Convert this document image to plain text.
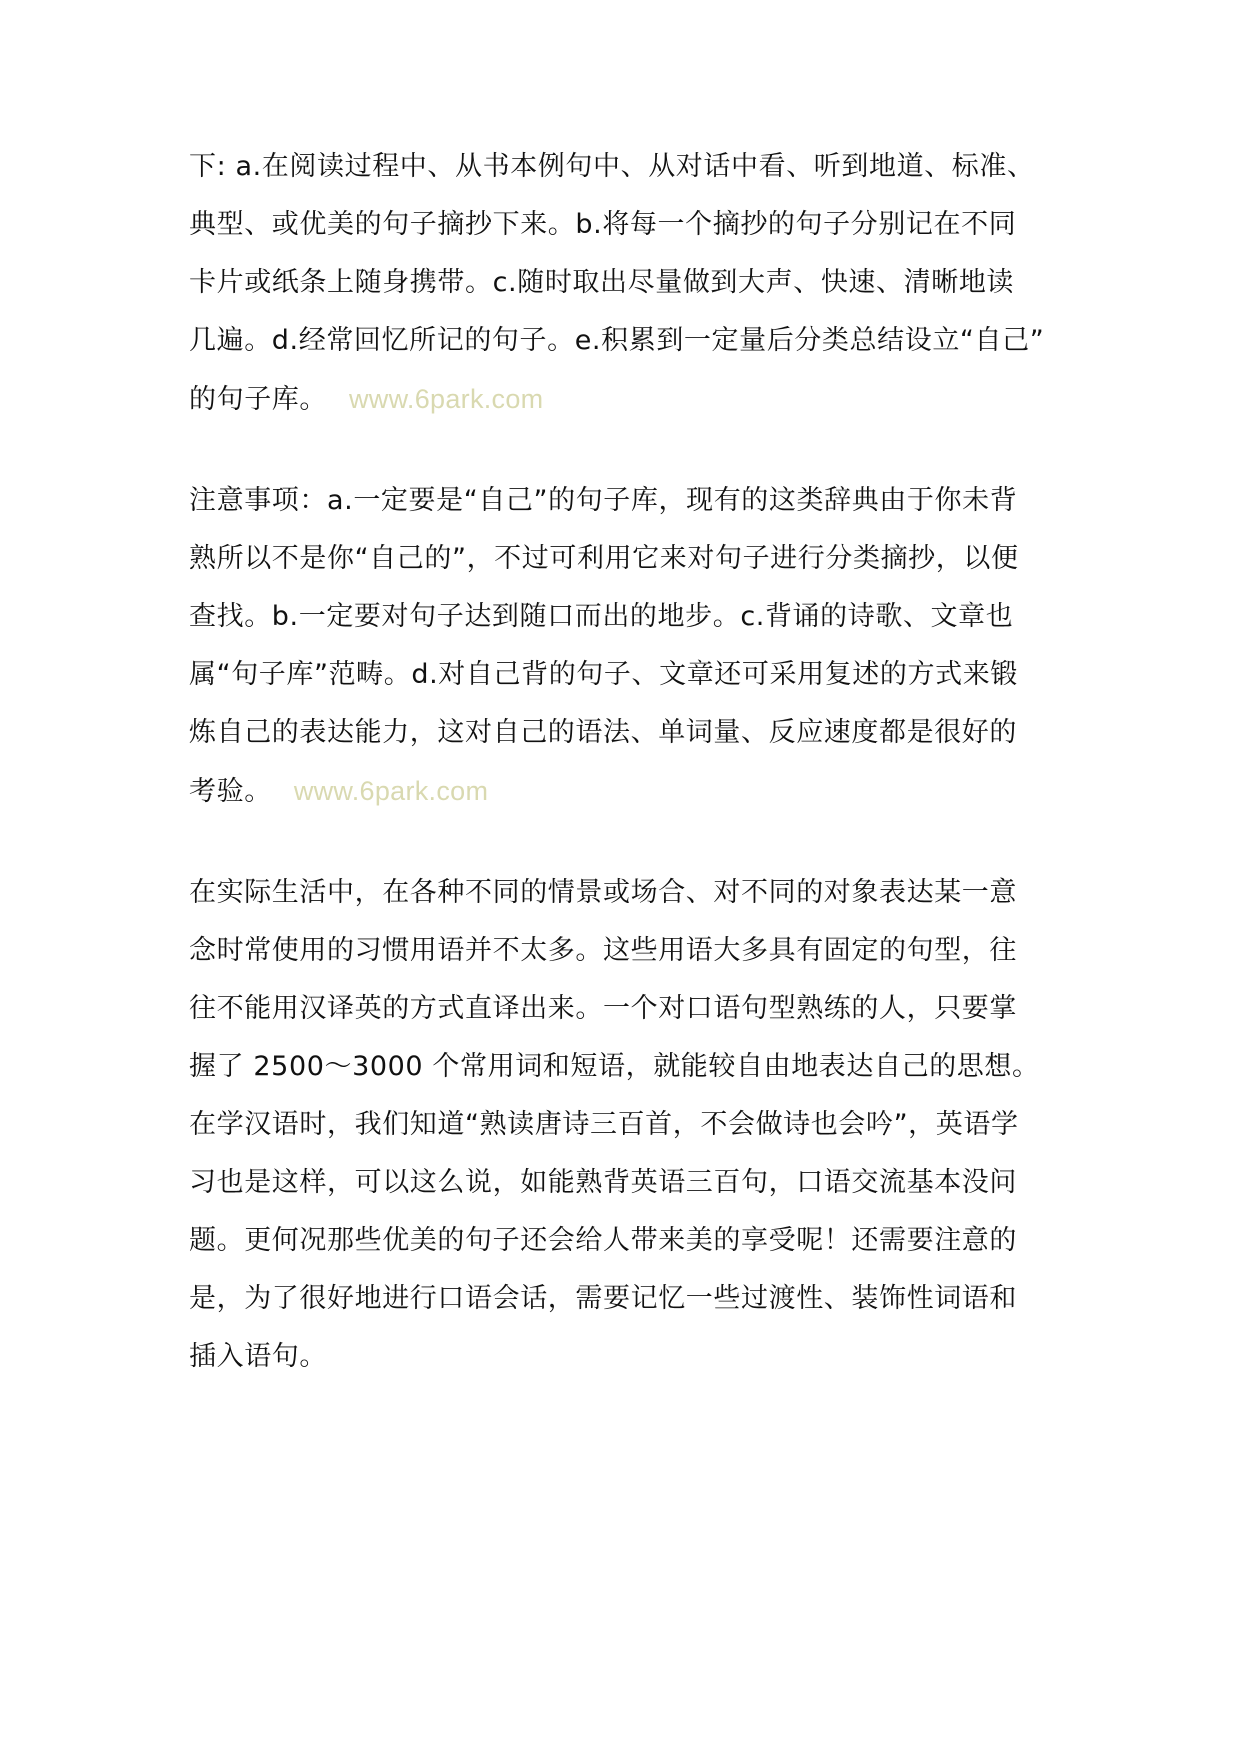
下: a.在阅读过程中、从书本例句中、从对话中看、听到地道、标准、
典型、或优美的句子摘抄下来。b.将每一个摘抄的句子分别记在不同
卡片或纸条上随身携带。c.随时取出尽量做到大声、快速、清晰地读
几遍。d.经常回忆所记的句子。e.积累到一定量后分类总结设立“自己”
的句子库。 www.6park.com
注意事项：a.一定要是“自己”的句子库，现有的这类辞典由于你未背
熟所以不是你“自己的”，不过可利用它来对句子进行分类摘抄，以便
查找。b.一定要对句子达到随口而出的地步。c.背诵的诗歌、文章也
属“句子库”范畴。d.对自己背的句子、文章还可采用复述的方式来锻
炼自己的表达能力，这对自己的语法、单词量、反应速度都是很好的
考验。 www.6park.com
在实际生活中，在各种不同的情景或场合、对不同的对象表达某一意
念时常使用的习惯用语并不太多。这些用语大多具有固定的句型，往
往不能用汉译英的方式直译出来。一个对口语句型熟练的人，只要掌
握了 2500～3000 个常用词和短语，就能较自由地表达自己的思想。
在学汉语时，我们知道“熟读唐诗三百首，不会做诗也会吟”，英语学
习也是这样，可以这么说，如能熟背英语三百句，口语交流基本没问
题。更何况那些优美的句子还会给人带来美的享受呢！还需要注意的
是，为了很好地进行口语会话，需要记忆一些过渡性、装饰性词语和
插入语句。
